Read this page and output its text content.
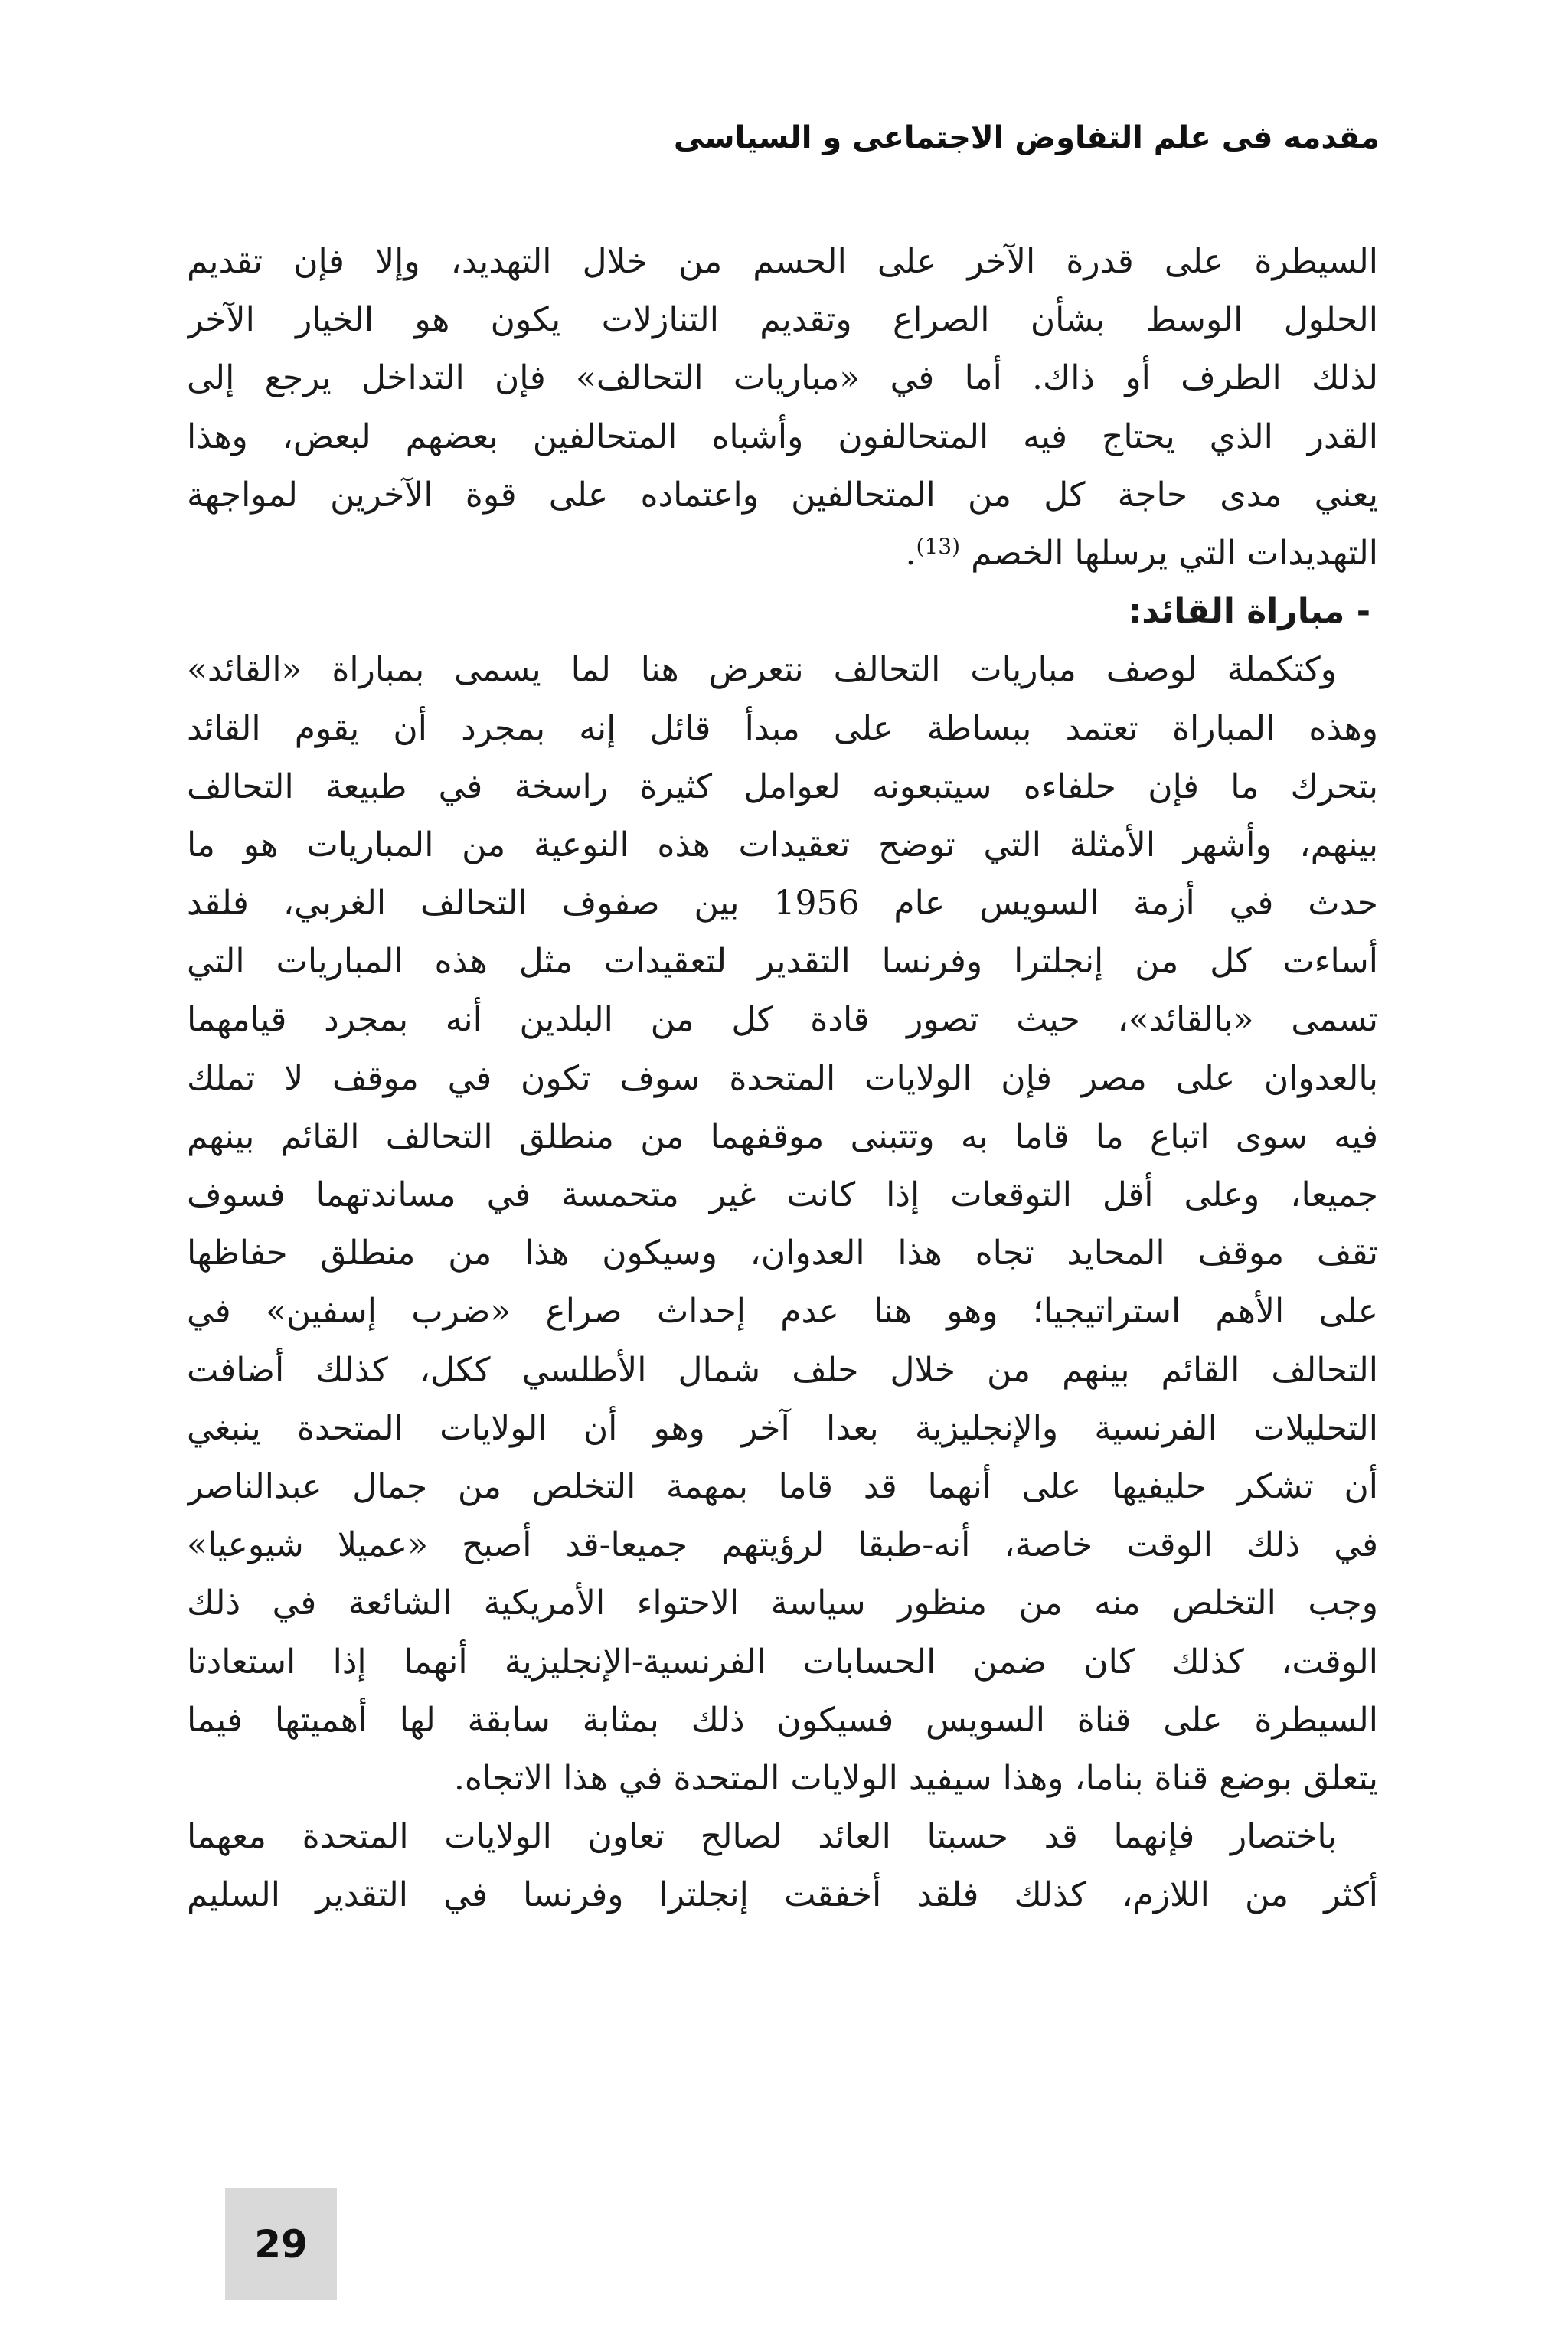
مقدمه فى علم التفاوض الاجتماعى و السياسى
السيطرة على قدرة الآخر على الحسم من خلال التهديد، وإلا فإن تقديم
الحلول الوسط بشأن الصراع وتقديم التنازلات يكون هو الخيار الآخر
لذلك الطرف أو ذاك. أما في «مباريات التحالف» فإن التداخل يرجع إلى
القدر الذي يحتاج فيه المتحالفون وأشباه المتحالفين بعضهم لبعض، وهذا
يعني مدى حاجة كل من المتحالفين واعتماده على قوة الآخرين لمواجهة
التهديدات التي يرسلها الخصم $^{(13)}$.
- مباراة القائد:
وكتكملة لوصف مباريات التحالف نتعرض هنا لما يسمى بمباراة «القائد»
وهذه المباراة تعتمد ببساطة على مبدأ قائل إنه بمجرد أن يقوم القائد
بتحرك ما فإن حلفاءه سيتبعونه لعوامل كثيرة راسخة في طبيعة التحالف
بينهم، وأشهر الأمثلة التي توضح تعقيدات هذه النوعية من المباريات هو ما
حدث في أزمة السويس عام 1956 بين صفوف التحالف الغربي، فلقد
أساءت كل من إنجلترا وفرنسا التقدير لتعقيدات مثل هذه المباريات التي
تسمى «بالقائد»، حيث تصور قادة كل من البلدين أنه بمجرد قيامهما
بالعدوان على مصر فإن الولايات المتحدة سوف تكون في موقف لا تملك
فيه سوى اتباع ما قاما به وتتبنى موقفهما من منطلق التحالف القائم بينهم
جميعا، وعلى أقل التوقعات إذا كانت غير متحمسة في مساندتهما فسوف
تقف موقف المحايد تجاه هذا العدوان، وسيكون هذا من منطلق حفاظها
على الأهم استراتيجيا؛ وهو هنا عدم إحداث صراع «ضرب إسفين» في
التحالف القائم بينهم من خلال حلف شمال الأطلسي ككل، كذلك أضافت
التحليلات الفرنسية والإنجليزية بعدا آخر وهو أن الولايات المتحدة ينبغي
أن تشكر حليفيها على أنهما قد قاما بمهمة التخلص من جمال عبدالناصر
في ذلك الوقت خاصة، أنه-طبقا لرؤيتهم جميعا-قد أصبح «عميلا شيوعيا»
وجب التخلص منه من منظور سياسة الاحتواء الأمريكية الشائعة في ذلك
الوقت، كذلك كان ضمن الحسابات الفرنسية-الإنجليزية أنهما إذا استعادتا
السيطرة على قناة السويس فسيكون ذلك بمثابة سابقة لها أهميتها فيما
يتعلق بوضع قناة بناما، وهذا سيفيد الولايات المتحدة في هذا الاتجاه.
باختصار فإنهما قد حسبتا العائد لصالح تعاون الولايات المتحدة معهما
أكثر من اللازم، كذلك فلقد أخفقت إنجلترا وفرنسا في التقدير السليم
29
